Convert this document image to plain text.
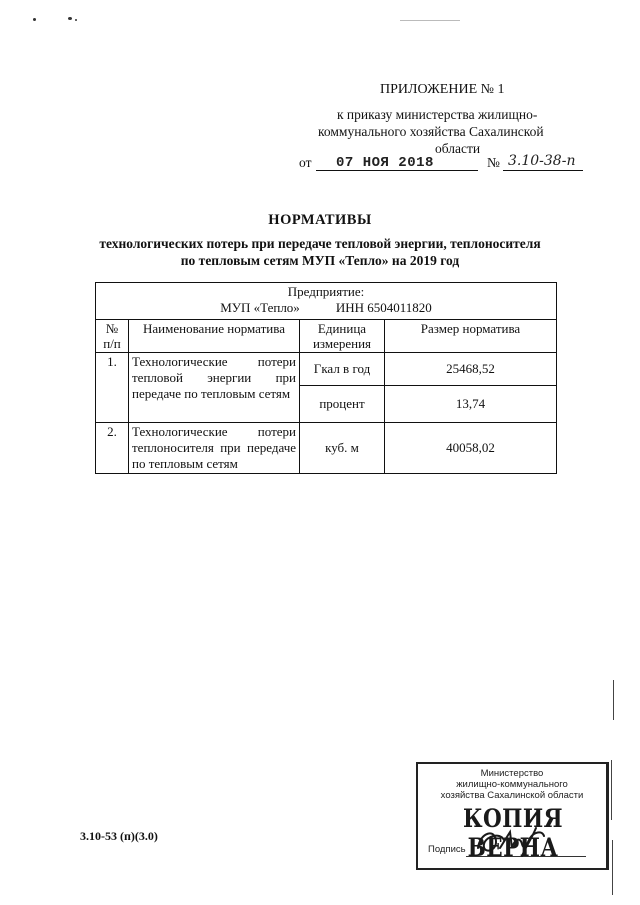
ПРИЛОЖЕНИЕ № 1
к приказу министерства жилищно-
коммунального хозяйства Сахалинской
области
от 07 НОЯ 2018	№ 3.10-38-п
НОРМАТИВЫ
технологических потерь при передаче тепловой энергии, теплоносителя
по тепловым сетям МУП «Тепло» на 2019 год
Предприятие:
МУП «Тепло» ИНН 6504011820			

№ п/п	Наименование норматива	Единица измерения	Размер норматива
1.	Технологические потери тепловой энергии при передаче по тепловым сетям	Гкал в год	25468,52
		процент	13,74
2.	Технологические потери теплоносителя при передаче по тепловым сетям	куб. м	40058,02
3.10-53 (п)(3.0)
Министерство
жилищно-коммунального
хозяйства Сахалинской области
КОПИЯ ВЕРНА
Подпись
